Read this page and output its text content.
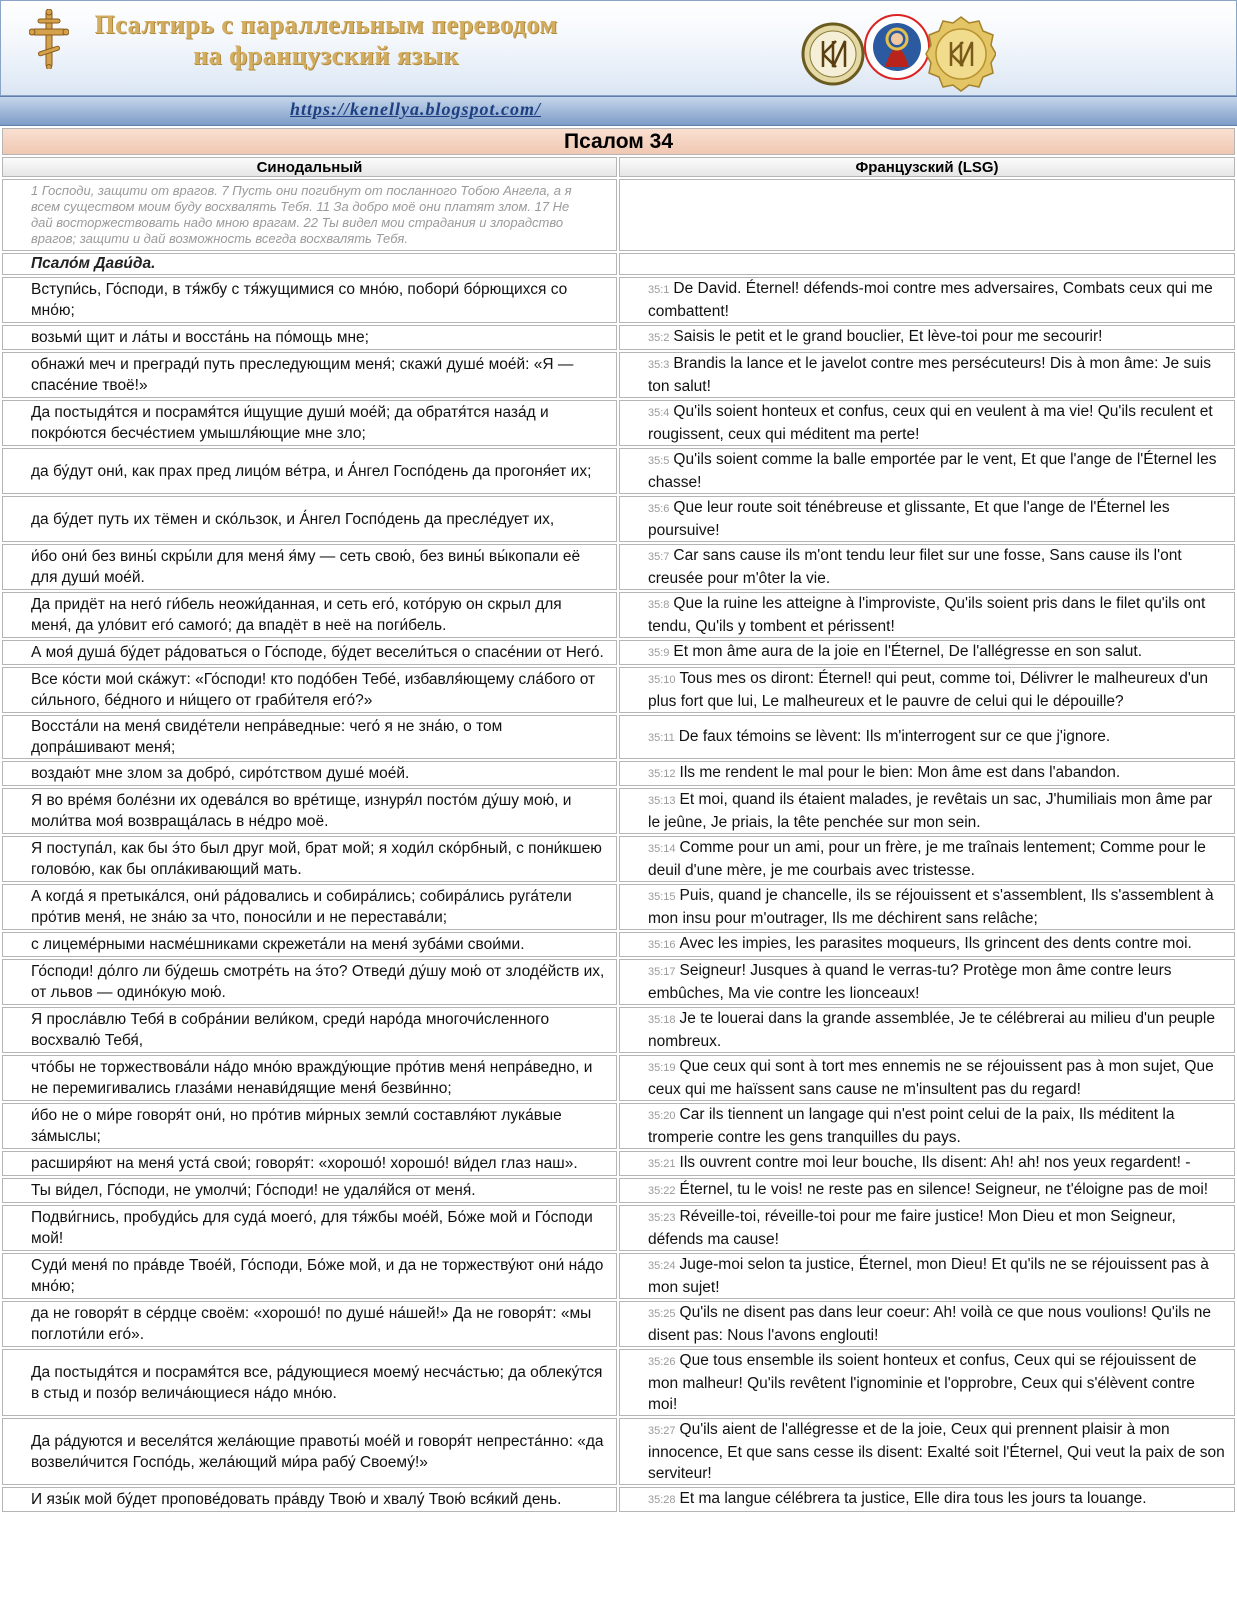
Псалтирь с параллельным переводом
на французский язык
https://kenellya.blogspot.com/
Псалом 34	
Синодальный	Французский (LSG)
1 Господи, защити от врагов. 7 Пусть они погибнут от посланного Тобою Ангела, а я всем существом моим буду восхвалять Тебя. 11 За добро моё они платят злом. 17 Не дай восторжествовать надо мною врагам. 22 Ты видел мои страдания и злорадство врагов; защити и дай возможность всегда восхвалять Тебя.	
Псало́м Дави́да.	
Вступи́сь, Го́споди, в тя́жбу с тя́жущимися со мно́ю, побори́ бо́рющихся со мно́ю;	35:1 De David. Éternel! défends-moi contre mes adversaires, Combats ceux qui me combattent!
возьми́ щит и ла́ты и восста́нь на по́мощь мне;	35:2 Saisis le petit et le grand bouclier, Et lève-toi pour me secourir!
обнажи́ меч и прегради́ путь преследующим меня́; скажи́ душе́ мое́й: «Я — спасе́ние твоё!»	35:3 Brandis la lance et le javelot contre mes persécuteurs! Dis à mon âme: Je suis ton salut!
Да постыдя́тся и посрамя́тся и́щущие души́ мое́й; да обратя́тся наза́д и покро́ются бесче́стием умышля́ющие мне зло;	35:4 Qu'ils soient honteux et confus, ceux qui en veulent à ma vie! Qu'ils reculent et rougissent, ceux qui méditent ma perte!
да бу́дут они́, как прах пред лицо́м ве́тра, и А́нгел Госпо́день да прогоня́ет их;	35:5 Qu'ils soient comme la balle emportée par le vent, Et que l'ange de l'Éternel les chasse!
да бу́дет путь их тёмен и ско́льзок, и А́нгел Госпо́день да пресле́дует их,	35:6 Que leur route soit ténébreuse et glissante, Et que l'ange de l'Éternel les poursuive!
и́бо они́ без вины́ скры́ли для меня́ я́му — сеть свою́, без вины́ вы́копали её для души́ мое́й.	35:7 Car sans cause ils m'ont tendu leur filet sur une fosse, Sans cause ils l'ont creusée pour m'ôter la vie.
Да придёт на него́ ги́бель неожи́данная, и сеть его́, кото́рую он скрыл для меня́, да уло́вит его́ самого́; да впадёт в неё на поги́бель.	35:8 Que la ruine les atteigne à l'improviste, Qu'ils soient pris dans le filet qu'ils ont tendu, Qu'ils y tombent et périssent!
А моя́ душа́ бу́дет ра́доваться о Го́споде, бу́дет весели́ться о спасе́нии от Него́.	35:9 Et mon âme aura de la joie en l'Éternel, De l'allégresse en son salut.
Все ко́сти мои́ ска́жут: «Го́споди! кто подо́бен Тебе́, избавля́ющему сла́бого от си́льного, бе́дного и ни́щего от граби́теля его́?»	35:10 Tous mes os diront: Éternel! qui peut, comme toi, Délivrer le malheureux d'un plus fort que lui, Le malheureux et le pauvre de celui qui le dépouille?
Восста́ли на меня́ свиде́тели непра́ведные: чего́ я не зна́ю, о том допра́шивают меня́;	35:11 De faux témoins se lèvent: Ils m'interrogent sur ce que j'ignore.
воздаю́т мне злом за добро́, сиро́тством душе́ мое́й.	35:12 Ils me rendent le mal pour le bien: Mon âme est dans l'abandon.
Я во вре́мя боле́зни их одева́лся во вре́тище, изнуря́л посто́м ду́шу мою́, и моли́тва моя́ возвраща́лась в не́дро моё.	35:13 Et moi, quand ils étaient malades, je revêtais un sac, J'humiliais mon âme par le jeûne, Je priais, la tête penchée sur mon sein.
Я поступа́л, как бы э́то был друг мой, брат мой; я ходи́л ско́рбный, с пони́кшею голово́ю, как бы опла́кивающий мать.	35:14 Comme pour un ami, pour un frère, je me traînais lentement; Comme pour le deuil d'une mère, je me courbais avec tristesse.
А когда́ я претыка́лся, они́ ра́довались и собира́лись; собира́лись руга́тели про́тив меня́, не зна́ю за что, поноси́ли и не перестава́ли;	35:15 Puis, quand je chancelle, ils se réjouissent et s'assemblent, Ils s'assemblent à mon insu pour m'outrager, Ils me déchirent sans relâche;
с лицеме́рными насме́шниками скрежета́ли на меня́ зуба́ми свои́ми.	35:16 Avec les impies, les parasites moqueurs, Ils grincent des dents contre moi.
Го́споди! до́лго ли бу́дешь смотре́ть на э́то? Отведи́ ду́шу мою́ от злоде́йств их, от львов — одино́кую мою́.	35:17 Seigneur! Jusques à quand le verras-tu? Protège mon âme contre leurs embûches, Ma vie contre les lionceaux!
Я просла́влю Тебя́ в собра́нии вели́ком, среди́ наро́да многочи́сленного восхвалю́ Тебя́,	35:18 Je te louerai dans la grande assemblée, Je te célébrerai au milieu d'un peuple nombreux.
что́бы не торжествова́ли на́до мно́ю вражду́ющие про́тив меня́ непра́ведно, и не перемигивались глаза́ми ненави́дящие меня́ безви́нно;	35:19 Que ceux qui sont à tort mes ennemis ne se réjouissent pas à mon sujet, Que ceux qui me haïssent sans cause ne m'insultent pas du regard!
и́бо не о ми́ре говоря́т они́, но про́тив ми́рных земли́ составля́ют лука́вые за́мыслы;	35:20 Car ils tiennent un langage qui n'est point celui de la paix, Ils méditent la tromperie contre les gens tranquilles du pays.
расширя́ют на меня́ уста́ свои́; говоря́т: «хорошо́! хорошо́! ви́дел глаз наш».	35:21 Ils ouvrent contre moi leur bouche, Ils disent: Ah! ah! nos yeux regardent! -
Ты ви́дел, Го́споди, не умолчи́; Го́споди! не удаля́йся от меня́.	35:22 Éternel, tu le vois! ne reste pas en silence! Seigneur, ne t'éloigne pas de moi!
Подви́гнись, пробуди́сь для суда́ моего́, для тя́жбы мое́й, Бо́же мой и Го́споди мой!	35:23 Réveille-toi, réveille-toi pour me faire justice! Mon Dieu et mon Seigneur, défends ma cause!
Суди́ меня́ по пра́вде Твое́й, Го́споди, Бо́же мой, и да не торжеству́ют они́ на́до мно́ю;	35:24 Juge-moi selon ta justice, Éternel, mon Dieu! Et qu'ils ne se réjouissent pas à mon sujet!
да не говоря́т в се́рдце своём: «хорошо́! по душе́ на́шей!» Да не говоря́т: «мы поглоти́ли его́».	35:25 Qu'ils ne disent pas dans leur coeur: Ah! voilà ce que nous voulions! Qu'ils ne disent pas: Nous l'avons englouti!
Да постыдя́тся и посрамя́тся все, ра́дующиеся моему́ несча́стью; да облеку́тся в стыд и позо́р велича́ющиеся на́до мно́ю.	35:26 Que tous ensemble ils soient honteux et confus, Ceux qui se réjouissent de mon malheur! Qu'ils revêtent l'ignominie et l'opprobre, Ceux qui s'élèvent contre moi!
Да ра́дуются и веселя́тся жела́ющие правоты́ мое́й и говоря́т непреста́нно: «да возвели́чится Госпо́дь, жела́ющий ми́ра рабу́ Своему́!»	35:27 Qu'ils aient de l'allégresse et de la joie, Ceux qui prennent plaisir à mon innocence, Et que sans cesse ils disent: Exalté soit l'Éternel, Qui veut la paix de son serviteur!
И язы́к мой бу́дет пропове́довать пра́вду Твою́ и хвалу́ Твою́ вся́кий день.	35:28 Et ma langue célébrera ta justice, Elle dira tous les jours ta louange.
